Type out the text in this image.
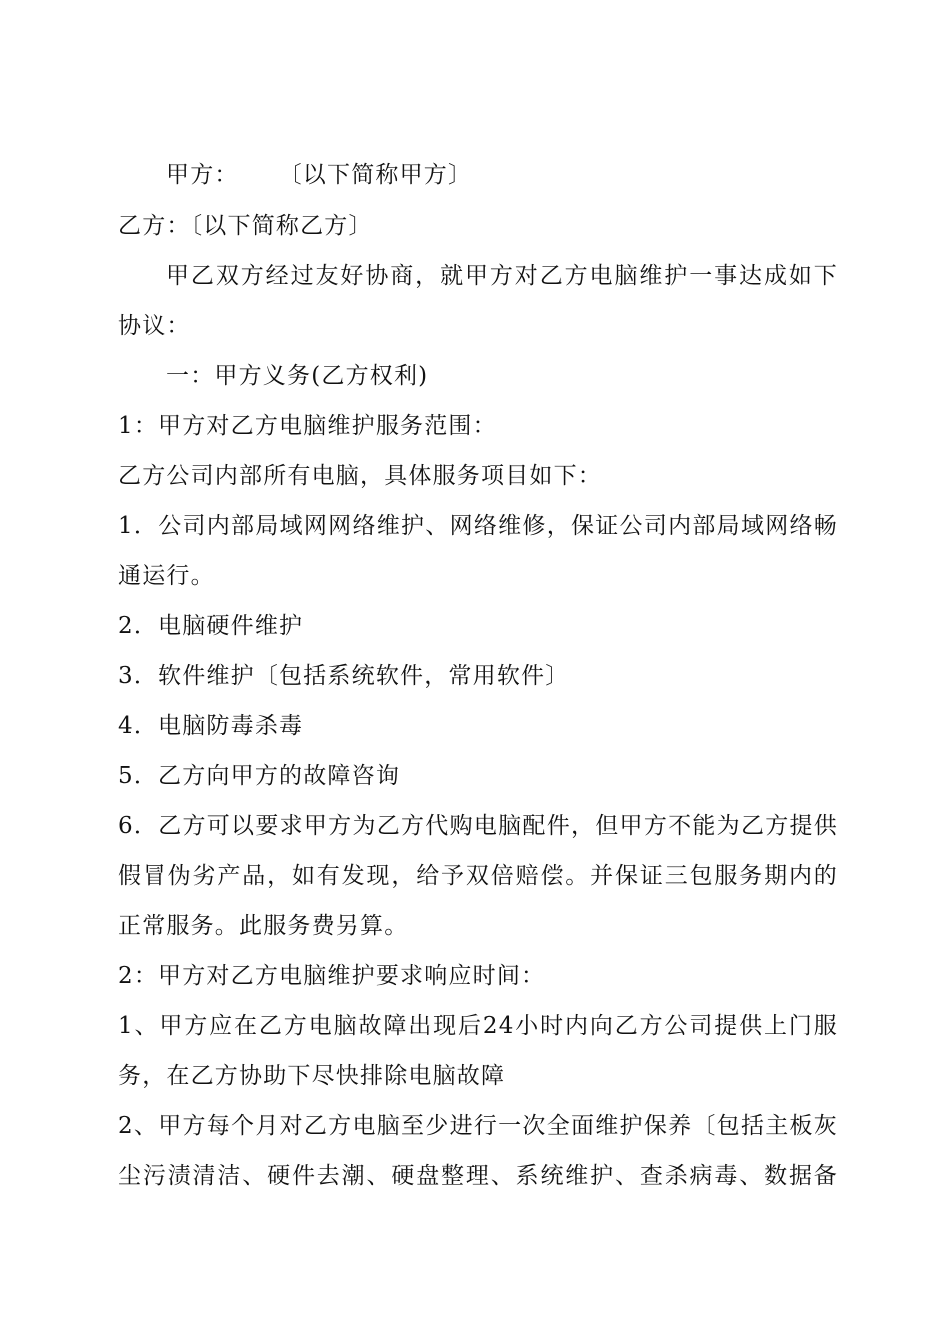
甲方： 〔以下简称甲方〕
乙方：〔以下简称乙方〕
甲乙双方经过友好协商，就甲方对乙方电脑维护一事达成如下
协议：
一：甲方义务(乙方权利)
1：甲方对乙方电脑维护服务范围：
乙方公司内部所有电脑，具体服务项目如下：
1．公司内部局域网网络维护、网络维修，保证公司内部局域网络畅
通运行。
2．电脑硬件维护
3．软件维护〔包括系统软件，常用软件〕
4．电脑防毒杀毒
5．乙方向甲方的故障咨询
6．乙方可以要求甲方为乙方代购电脑配件，但甲方不能为乙方提供
假冒伪劣产品，如有发现，给予双倍赔偿。并保证三包服务期内的
正常服务。此服务费另算。
2：甲方对乙方电脑维护要求响应时间：
1、甲方应在乙方电脑故障出现后24小时内向乙方公司提供上门服
务，在乙方协助下尽快排除电脑故障
2、甲方每个月对乙方电脑至少进行一次全面维护保养〔包括主板灰
尘污渍清洁、硬件去潮、硬盘整理、系统维护、查杀病毒、数据备
